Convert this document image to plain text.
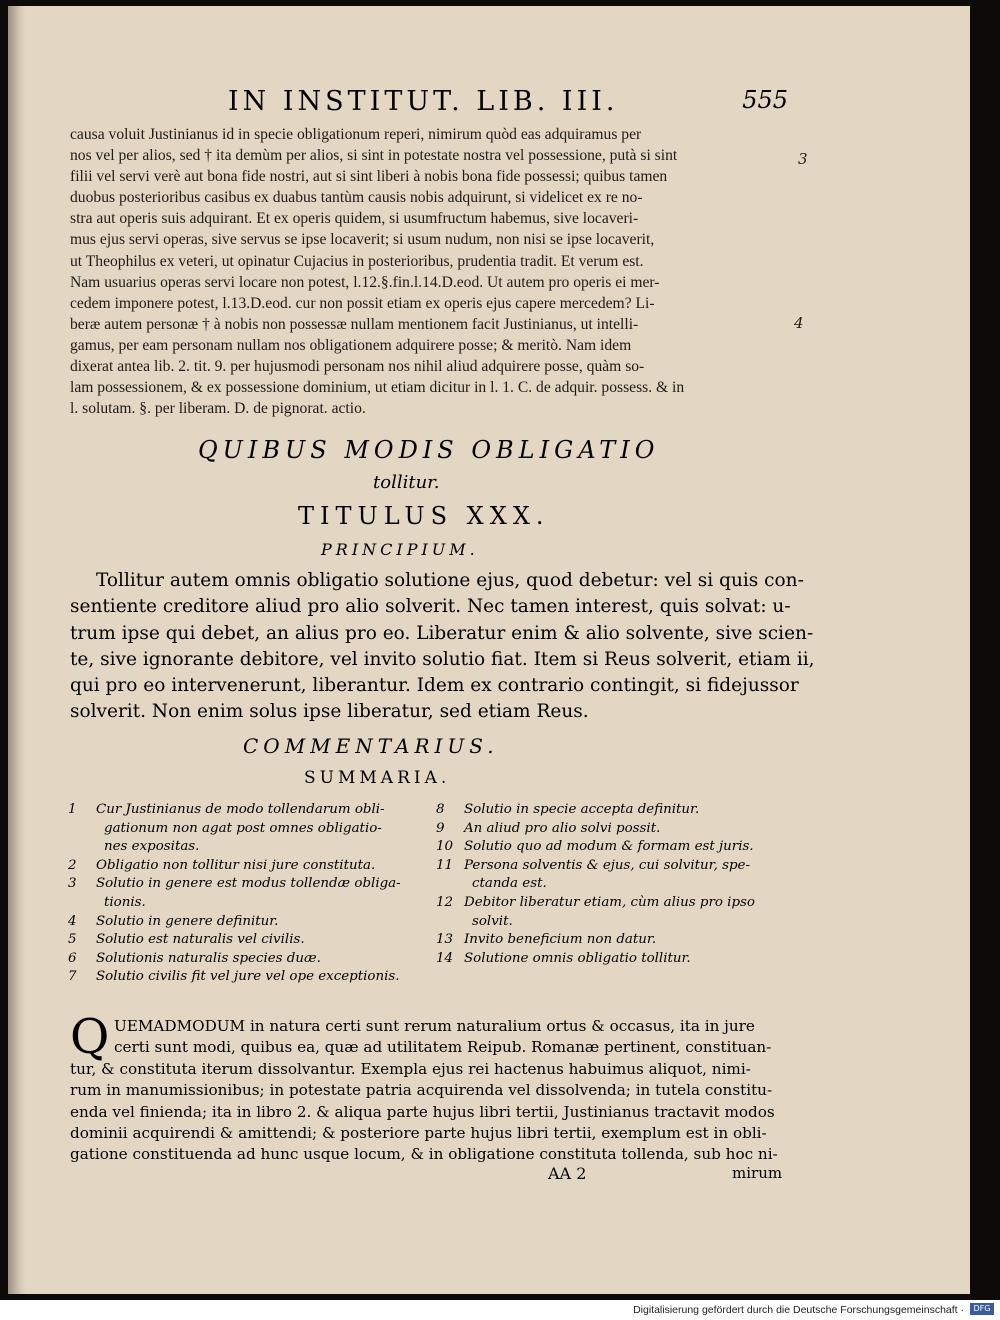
IN INSTITUT. LIB. III.	555

causa voluit Justinianus id in specie obligationum reperi, nimirum quòd eas adquiramus per

nos vel per alios, sed † ita demùm per alios, si sint in potestate nostra vel possessione, putà si sint

filii vel servi verè aut bona fide nostri, aut si sint liberi à nobis bona fide possessi; quibus tamen

duobus posterioribus casibus ex duabus tantùm causis nobis adquirunt, si videlicet ex re no-

stra aut operis suis adquirant. Et ex operis quidem, si usumfructum habemus, sive locaveri-

mus ejus servi operas, sive servus se ipse locaverit; si usum nudum, non nisi se ipse locaverit,

ut Theophilus ex veteri, ut opinatur Cujacius in posterioribus, prudentia tradit. Et verum est.

Nam usuarius operas servi locare non potest, l.12.§.fin.l.14.D.eod. Ut autem pro operis ei mer-

cedem imponere potest, l.13.D.eod. cur non possit etiam ex operis ejus capere mercedem? Li-

beræ autem personæ † à nobis non possessæ nullam mentionem facit Justinianus, ut intelli-

gamus, per eam personam nullam nos obligationem adquirere posse; & meritò. Nam idem

dixerat antea lib. 2. tit. 9. per hujusmodi personam nos nihil aliud adquirere posse, quàm so-

lam possessionem, & ex possessione dominium, ut etiam dicitur in l. 1. C. de adquir. possess. & in

l. solutam. §. per liberam. D. de pignorat. actio.

3
4
QUIBUS MODIS OBLIGATIO
tollitur.
TITULUS XXX.
PRINCIPIUM.

Tollitur autem omnis obligatio solutione ejus, quod debetur: vel si quis con-

sentiente creditore aliud pro alio solverit. Nec tamen interest, quis solvat: u-

trum ipse qui debet, an alius pro eo. Liberatur enim & alio solvente, sive scien-

te, sive ignorante debitore, vel invito solutio fiat. Item si Reus solverit, etiam ii,

qui pro eo intervenerunt, liberantur. Idem ex contrario contingit, si fidejussor

solverit. Non enim solus ipse liberatur, sed etiam Reus.

COMMENTARIUS.
SUMMARIA.
1	Cur Justinianus de modo tollendarum obli-
gationum non agat post omnes obligatio-
nes expositas.
2	Obligatio non tollitur nisi jure constituta.
3	Solutio in genere est modus tollendæ obliga-
tionis.
4	Solutio in genere definitur.
5	Solutio est naturalis vel civilis.
6	Solutionis naturalis species duæ.
7	Solutio civilis fit vel jure vel ope exceptionis.
8	Solutio in specie accepta definitur.
9	An aliud pro alio solvi possit.
10 Solutio quo ad modum & formam est juris.
11 Persona solventis & ejus, cui solvitur, spe-
ctanda est.
12 Debitor liberatur etiam, cùm alius pro ipso
solvit.
13 Invito beneficium non datur.
14 Solutione omnis obligatio tollitur.
Q UEMADMODUM in natura certi sunt rerum naturalium ortus & occasus, ita in jure

certi sunt modi, quibus ea, quæ ad utilitatem Reipub. Romanæ pertinent, constituan-

tur, & constituta iterum dissolvantur. Exempla ejus rei hactenus habuimus aliquot, nimi-

rum in manumissionibus; in potestate patria acquirenda vel dissolvenda; in tutela constitu-

enda vel finienda; ita in libro 2. & aliqua parte hujus libri tertii, Justinianus tractavit modos

dominii acquirendi & amittendi; & posteriore parte hujus libri tertii, exemplum est in obli-

gatione constituenda ad hunc usque locum, & in obligatione constituta tollenda, sub hoc ni-

AA 2	mirum
Digitalisierung gefördert durch die Deutsche Forschungsgemeinschaft ·	DFG
